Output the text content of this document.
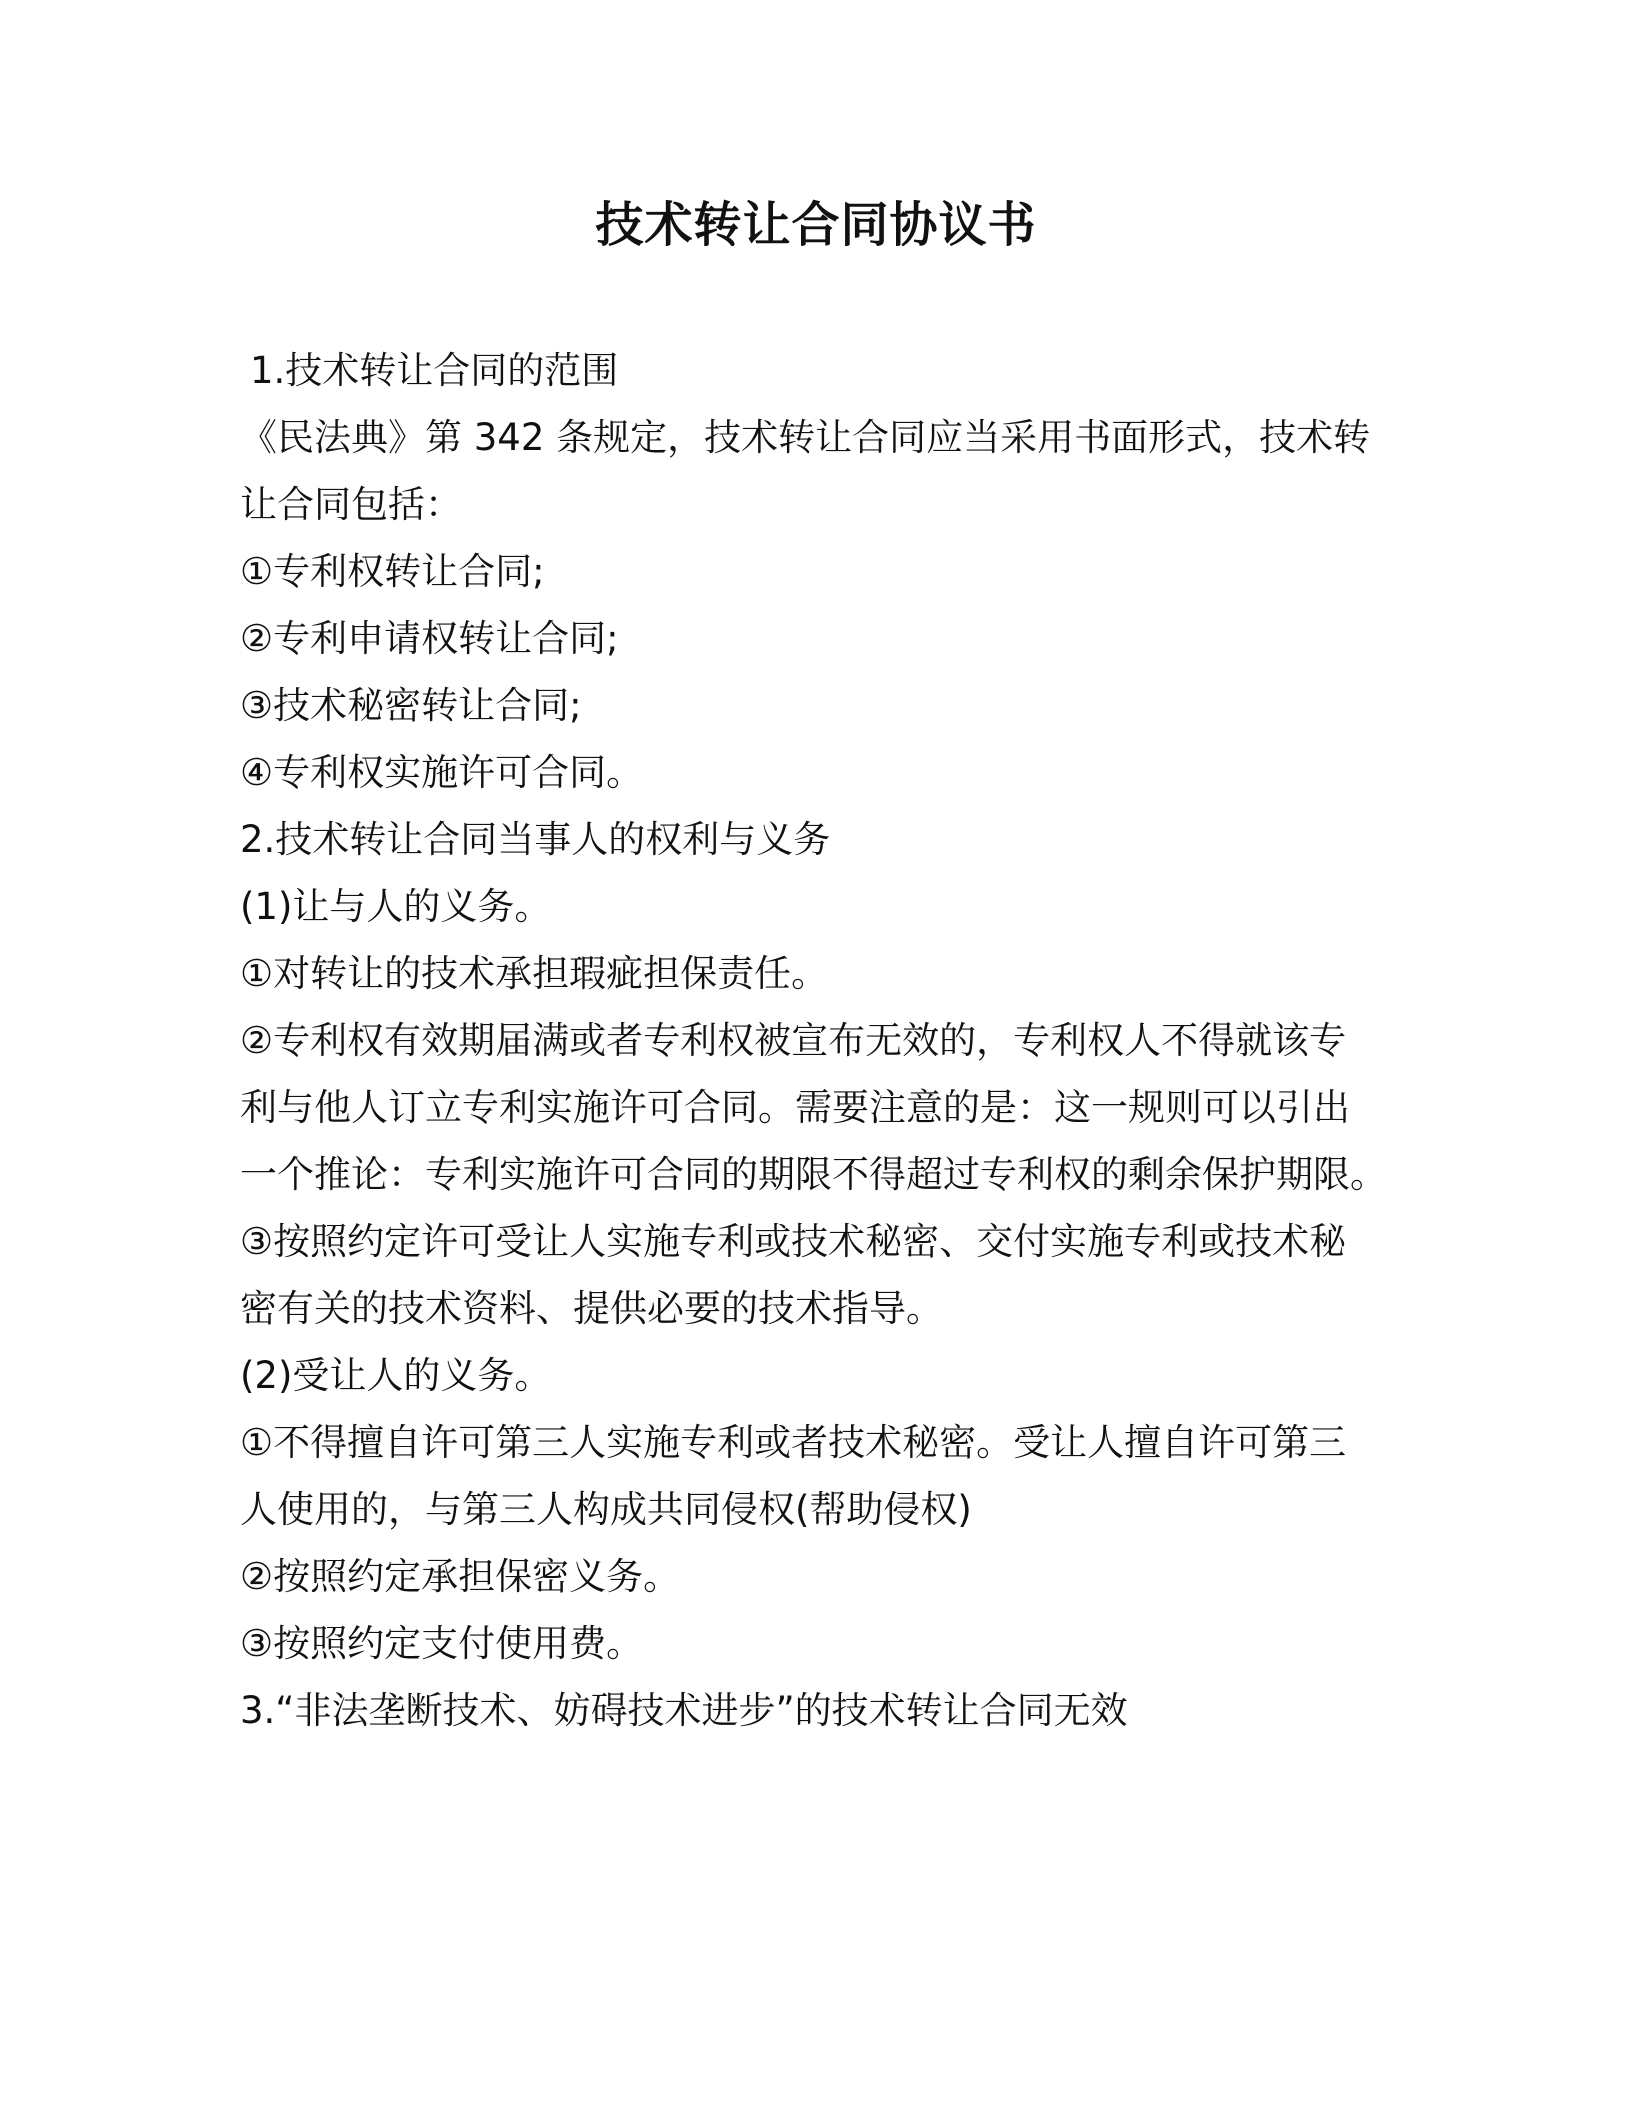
技术转让合同协议书
1.技术转让合同的范围
《民法典》第 342 条规定，技术转让合同应当采用书面形式，技术转
让合同包括：
①专利权转让合同;
②专利申请权转让合同;
③技术秘密转让合同;
④专利权实施许可合同。
2.技术转让合同当事人的权利与义务
(1)让与人的义务。
①对转让的技术承担瑕疵担保责任。
②专利权有效期届满或者专利权被宣布无效的，专利权人不得就该专
利与他人订立专利实施许可合同。需要注意的是：这一规则可以引出
一个推论：专利实施许可合同的期限不得超过专利权的剩余保护期限。
③按照约定许可受让人实施专利或技术秘密、交付实施专利或技术秘
密有关的技术资料、提供必要的技术指导。
(2)受让人的义务。
①不得擅自许可第三人实施专利或者技术秘密。受让人擅自许可第三
人使用的，与第三人构成共同侵权(帮助侵权)
②按照约定承担保密义务。
③按照约定支付使用费。
3.“非法垄断技术、妨碍技术进步”的技术转让合同无效
